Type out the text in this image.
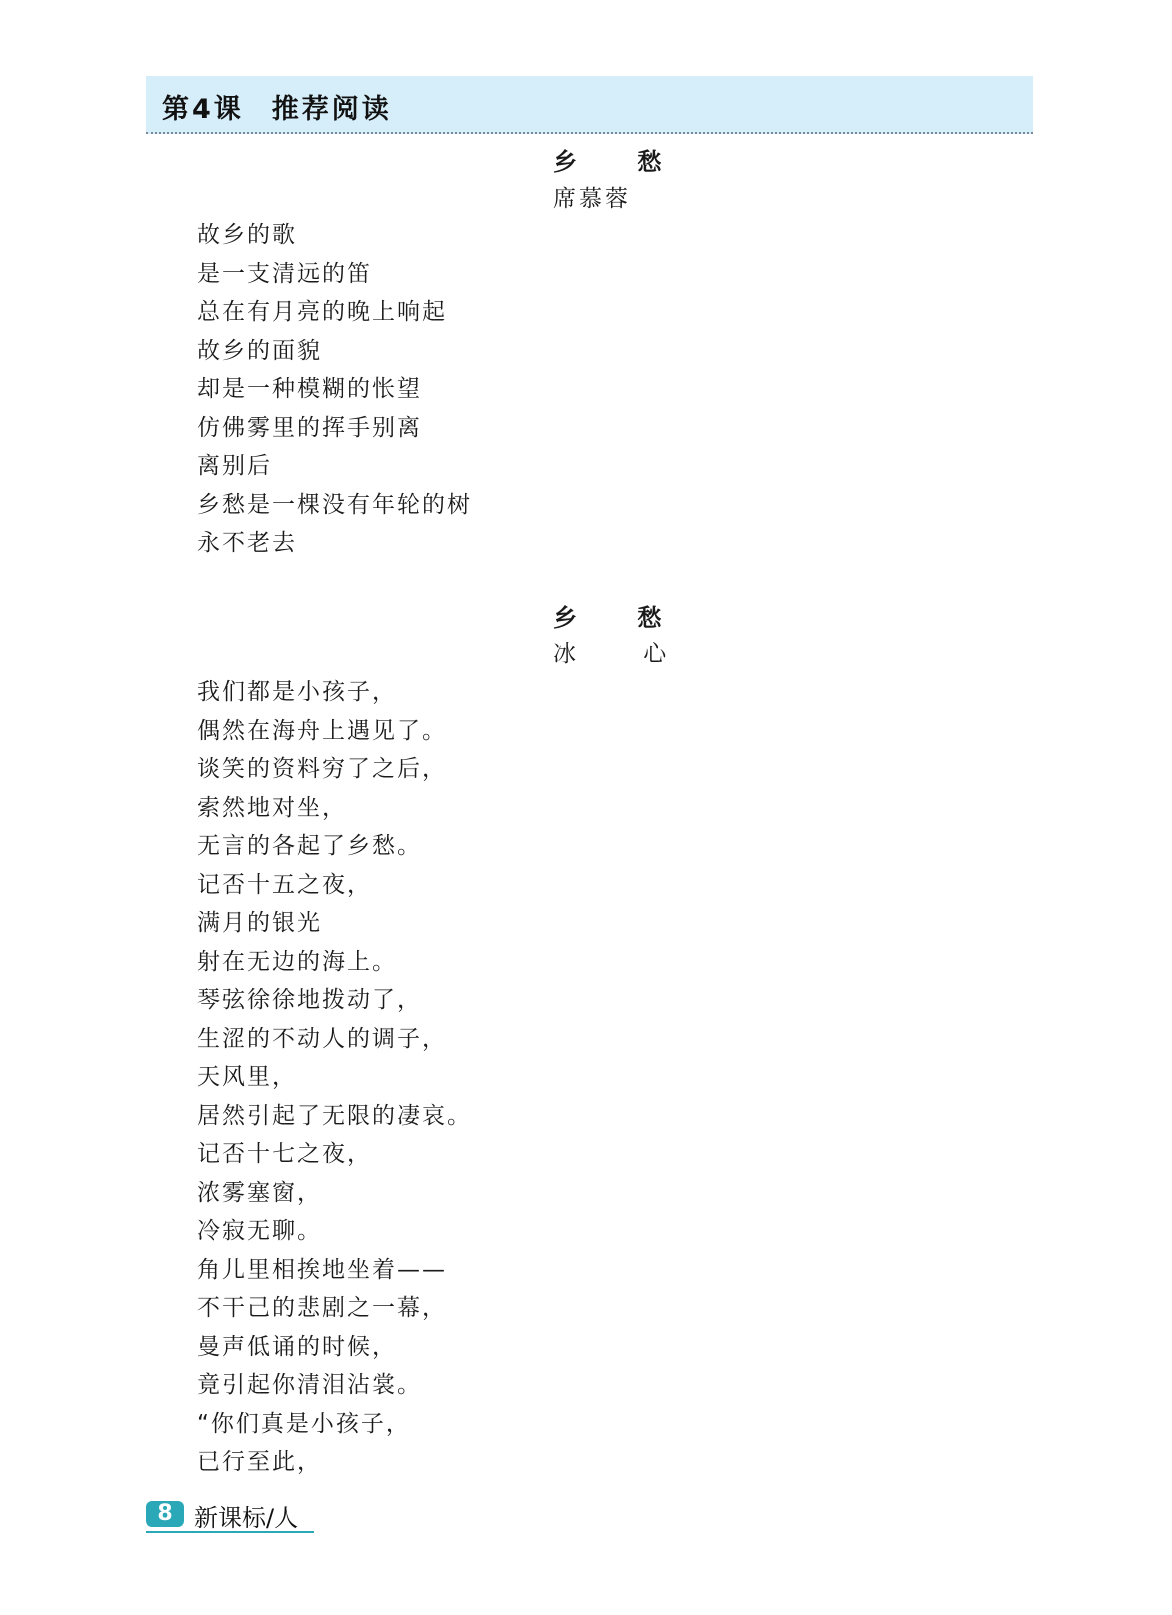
第4课 推荐阅读
乡 愁
席慕蓉
故乡的歌
是一支清远的笛
总在有月亮的晚上响起
故乡的面貌
却是一种模糊的怅望
仿佛雾里的挥手别离
离别后
乡愁是一棵没有年轮的树
永不老去
乡 愁
冰 心
我们都是小孩子，
偶然在海舟上遇见了。
谈笑的资料穷了之后，
索然地对坐，
无言的各起了乡愁。
记否十五之夜，
满月的银光
射在无边的海上。
琴弦徐徐地拨动了，
生涩的不动人的调子，
天风里，
居然引起了无限的凄哀。
记否十七之夜，
浓雾塞窗，
冷寂无聊。
角儿里相挨地坐着——
不干己的悲剧之一幕，
曼声低诵的时候，
竟引起你清泪沾裳。
“你们真是小孩子，
已行至此，
8 新课标/人
